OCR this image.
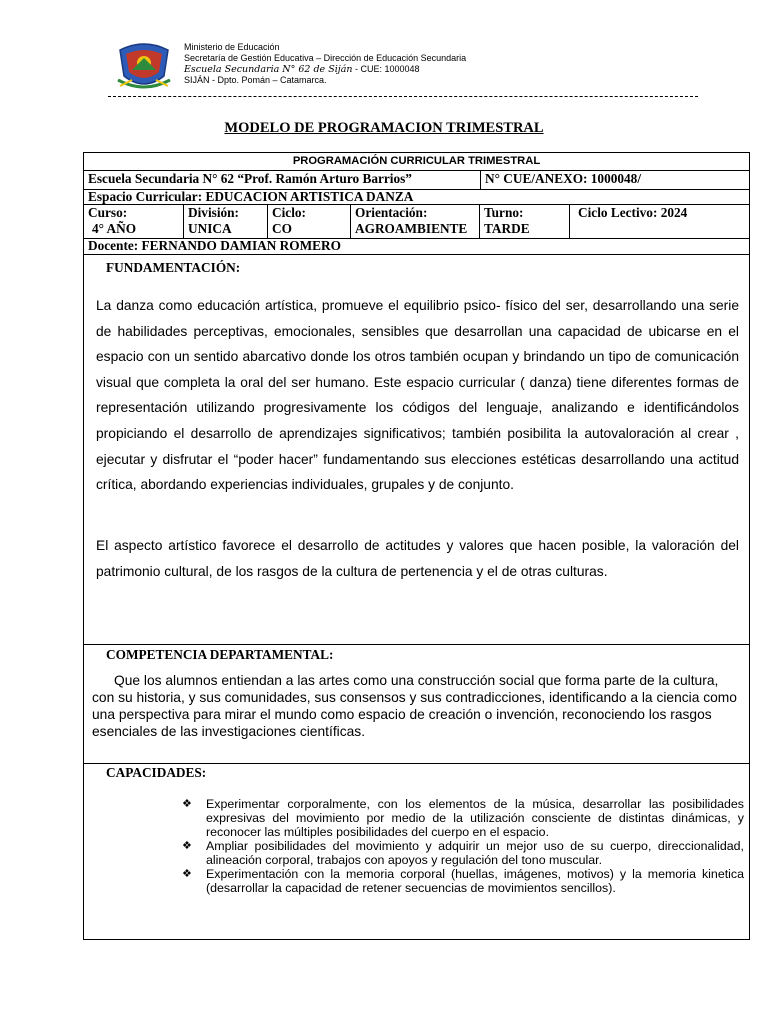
Ministerio de Educación
Secretaría de Gestión Educativa – Dirección de Educación Secundaria
Escuela Secundaria N° 62 de Siján - CUE: 1000048
SIJÁN - Dpto. Pomán – Catamarca.
MODELO DE PROGRAMACION TRIMESTRAL
PROGRAMACIÓN CURRICULAR TRIMESTRAL
Escuela Secundaria N° 62 “Prof. Ramón Arturo Barrios”	N° CUE/ANEXO: 1000048/
Espacio Curricular: EDUCACION ARTISTICA DANZA
Curso:
4° AÑO
División:
UNICA
Ciclo:
CO
Orientación:
AGROAMBIENTE
Turno:
TARDE
Ciclo Lectivo: 2024
Docente: FERNANDO DAMIAN ROMERO
FUNDAMENTACIÓN:
La danza como educación artística, promueve el equilibrio psico- físico del ser, desarrollando una serie de habilidades perceptivas, emocionales, sensibles que desarrollan una capacidad de ubicarse en el espacio con un sentido abarcativo donde los otros también ocupan y brindando un tipo de comunicación visual que completa la oral del ser humano. Este espacio curricular ( danza) tiene diferentes formas de representación utilizando progresivamente los códigos del lenguaje, analizando e identificándolos propiciando el desarrollo de aprendizajes significativos; también posibilita la autovaloración al crear , ejecutar y disfrutar el “poder hacer” fundamentando sus elecciones estéticas desarrollando una actitud crítica, abordando experiencias individuales, grupales y de conjunto.
El aspecto artístico favorece el desarrollo de actitudes y valores que hacen posible, la valoración del patrimonio cultural, de los rasgos de la cultura de pertenencia y el de otras culturas.
COMPETENCIA DEPARTAMENTAL:
Que los alumnos entiendan a las artes como una construcción social que forma parte de la cultura, con su historia, y sus comunidades, sus consensos y sus contradicciones, identificando a la ciencia como una perspectiva para mirar el mundo como espacio de creación o invención, reconociendo los rasgos esenciales de las investigaciones científicas.
CAPACIDADES:
❖ Experimentar corporalmente, con los elementos de la música, desarrollar las posibilidades expresivas del movimiento por medio de la utilización consciente de distintas dinámicas, y reconocer las múltiples posibilidades del cuerpo en el espacio.
❖ Ampliar posibilidades del movimiento y adquirir un mejor uso de su cuerpo, direccionalidad, alineación corporal, trabajos con apoyos y regulación del tono muscular.
❖ Experimentación con la memoria corporal (huellas, imágenes, motivos) y la memoria kinetica (desarrollar la capacidad de retener secuencias de movimientos sencillos).
